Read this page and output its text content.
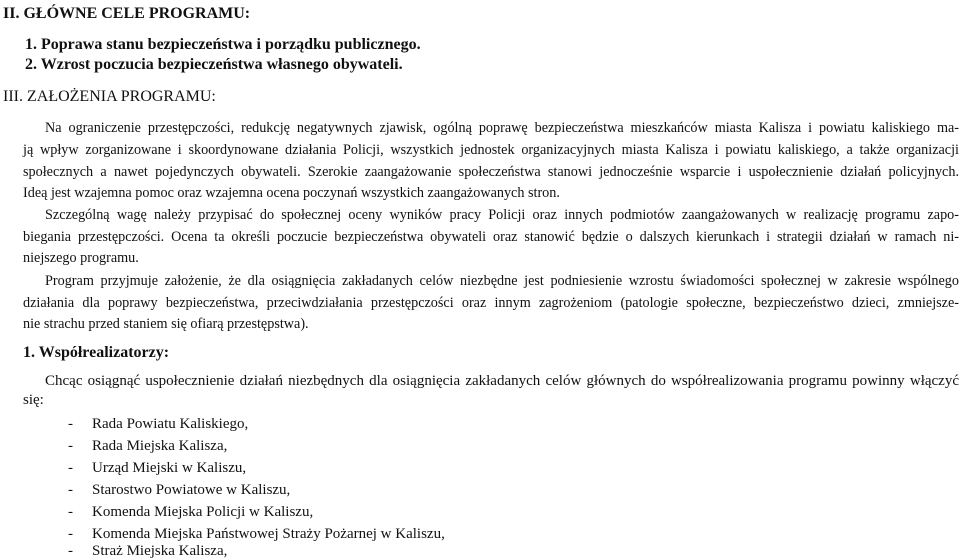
II. GŁÓWNE CELE PROGRAMU:
1. Poprawa stanu bezpieczeństwa i porządku publicznego.
2. Wzrost poczucia bezpieczeństwa własnego obywateli.
III. ZAŁOŻENIA PROGRAMU:
Na ograniczenie przestępczości, redukcję negatywnych zjawisk, ogólną poprawę bezpieczeństwa mieszkańców miasta Kalisza i powiatu kaliskiego ma-
ją wpływ zorganizowane i skoordynowane działania Policji, wszystkich jednostek organizacyjnych miasta Kalisza i powiatu kaliskiego, a także organizacji
społecznych a nawet pojedynczych obywateli. Szerokie zaangażowanie społeczeństwa stanowi jednocześnie wsparcie i uspołecznienie działań policyjnych.
Ideą jest wzajemna pomoc oraz wzajemna ocena poczynań wszystkich zaangażowanych stron.
Szczególną wagę należy przypisać do społecznej oceny wyników pracy Policji oraz innych podmiotów zaangażowanych w realizację programu zapo-
biegania przestępczości. Ocena ta określi poczucie bezpieczeństwa obywateli oraz stanowić będzie o dalszych kierunkach i strategii działań w ramach ni-
niejszego programu.
Program przyjmuje założenie, że dla osiągnięcia zakładanych celów niezbędne jest podniesienie wzrostu świadomości społecznej w zakresie wspólnego
działania dla poprawy bezpieczeństwa, przeciwdziałania przestępczości oraz innym zagrożeniom (patologie społeczne, bezpieczeństwo dzieci, zmniejsze-
nie strachu przed staniem się ofiarą przestępstwa).
1. Współrealizatorzy:
Chcąc osiągnąć uspołecznienie działań niezbędnych dla osiągnięcia zakładanych celów głównych do współrealizowania programu powinny włączyć
się:
- Rada Powiatu Kaliskiego,
- Rada Miejska Kalisza,
- Urząd Miejski w Kaliszu,
- Starostwo Powiatowe w Kaliszu,
- Komenda Miejska Policji w Kaliszu,
- Komenda Miejska Państwowej Straży Pożarnej w Kaliszu,
- Straż Miejska Kalisza,
